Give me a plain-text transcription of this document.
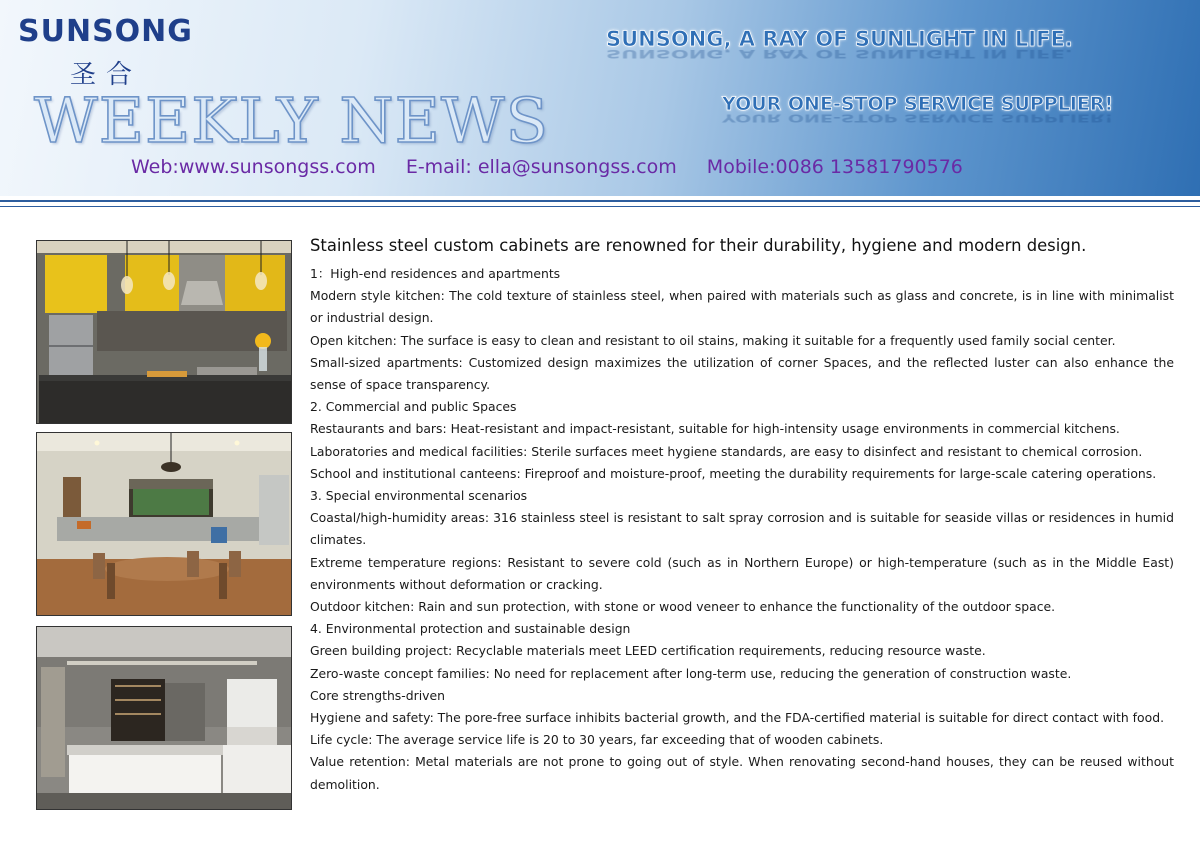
SUNSONG
圣合
WEEKLY NEWS
SUNSONG, A RAY OF SUNLIGHT IN LIFE.
SUNSONG, A RAY OF SUNLIGHT IN LIFE.
YOUR ONE-STOP SERVICE SUPPLIER!
YOUR ONE-STOP SERVICE SUPPLIER!
Web:www.sunsongss.com E-mail: ella@sunsongss.com Mobile:0086 13581790576
Stainless steel custom cabinets are renowned for their durability, hygiene and modern design.

1：High-end residences and apartments

Modern style kitchen: The cold texture of stainless steel, when paired with materials such as glass and concrete, is in line with minimalist or industrial design.

Open kitchen: The surface is easy to clean and resistant to oil stains, making it suitable for a frequently used family social center.

Small-sized apartments: Customized design maximizes the utilization of corner Spaces, and the reflected luster can also enhance the sense of space transparency.

2. Commercial and public Spaces

Restaurants and bars: Heat-resistant and impact-resistant, suitable for high-intensity usage environments in commercial kitchens.

Laboratories and medical facilities: Sterile surfaces meet hygiene standards, are easy to disinfect and resistant to chemical corrosion.

School and institutional canteens: Fireproof and moisture-proof, meeting the durability requirements for large-scale catering operations.

3. Special environmental scenarios

Coastal/high-humidity areas: 316 stainless steel is resistant to salt spray corrosion and is suitable for seaside villas or residences in humid climates.

Extreme temperature regions: Resistant to severe cold (such as in Northern Europe) or high-temperature (such as in the Middle East) environments without deformation or cracking.

Outdoor kitchen: Rain and sun protection, with stone or wood veneer to enhance the functionality of the outdoor space.

4. Environmental protection and sustainable design

Green building project: Recyclable materials meet LEED certification requirements, reducing resource waste.

Zero-waste concept families: No need for replacement after long-term use, reducing the generation of construction waste.

Core strengths-driven

Hygiene and safety: The pore-free surface inhibits bacterial growth, and the FDA-certified material is suitable for direct contact with food.

Life cycle: The average service life is 20 to 30 years, far exceeding that of wooden cabinets.

Value retention: Metal materials are not prone to going out of style. When renovating second-hand houses, they can be reused without demolition.
